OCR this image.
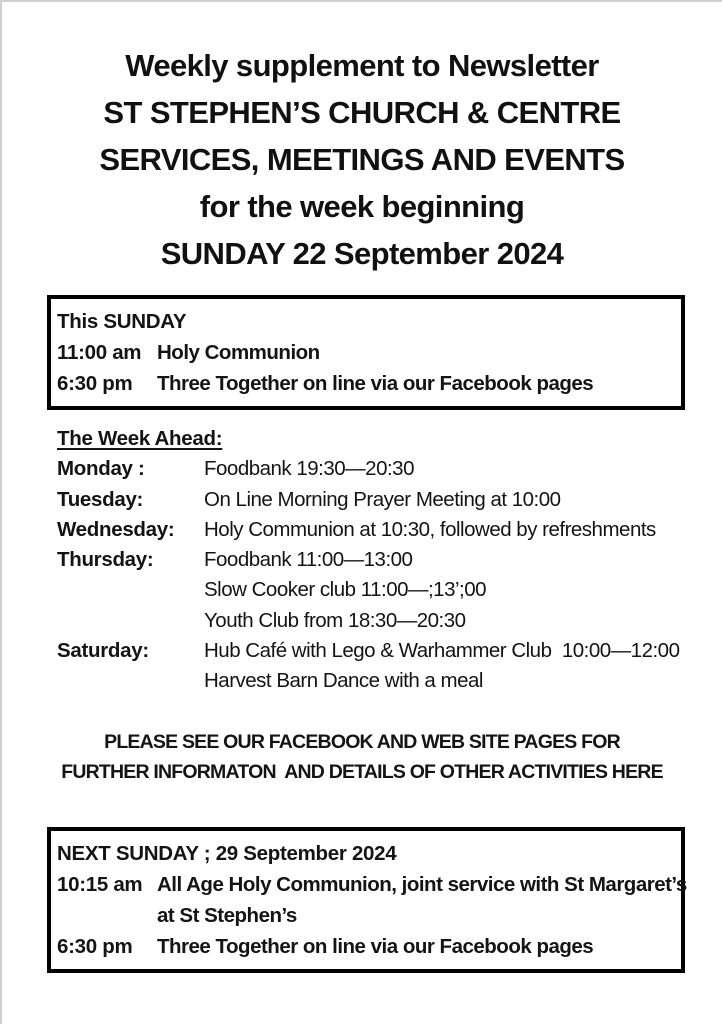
Weekly supplement to Newsletter
ST STEPHEN’S CHURCH & CENTRE
SERVICES, MEETINGS AND EVENTS
for the week beginning
SUNDAY 22 September 2024
This SUNDAY
11:00 am Holy Communion
6:30 pm	Three Together on line via our Facebook pages
The Week Ahead:
Monday :	Foodbank 19:30—20:30
Tuesday:	On Line Morning Prayer Meeting at 10:00
Wednesday:	Holy Communion at 10:30, followed by refreshments
Thursday:	Foodbank 11:00—13:00
Slow Cooker club 11:00—;13’;00
Youth Club from 18:30—20:30
Saturday:	Hub Café with Lego & Warhammer Club  10:00—12:00
Harvest Barn Dance with a meal
PLEASE SEE OUR FACEBOOK AND WEB SITE PAGES FOR
FURTHER INFORMATON  AND DETAILS OF OTHER ACTIVITIES HERE
NEXT SUNDAY ; 29 September 2024
10:15 am All Age Holy Communion, joint service with St Margaret’s
at St Stephen’s
6:30 pm	Three Together on line via our Facebook pages
